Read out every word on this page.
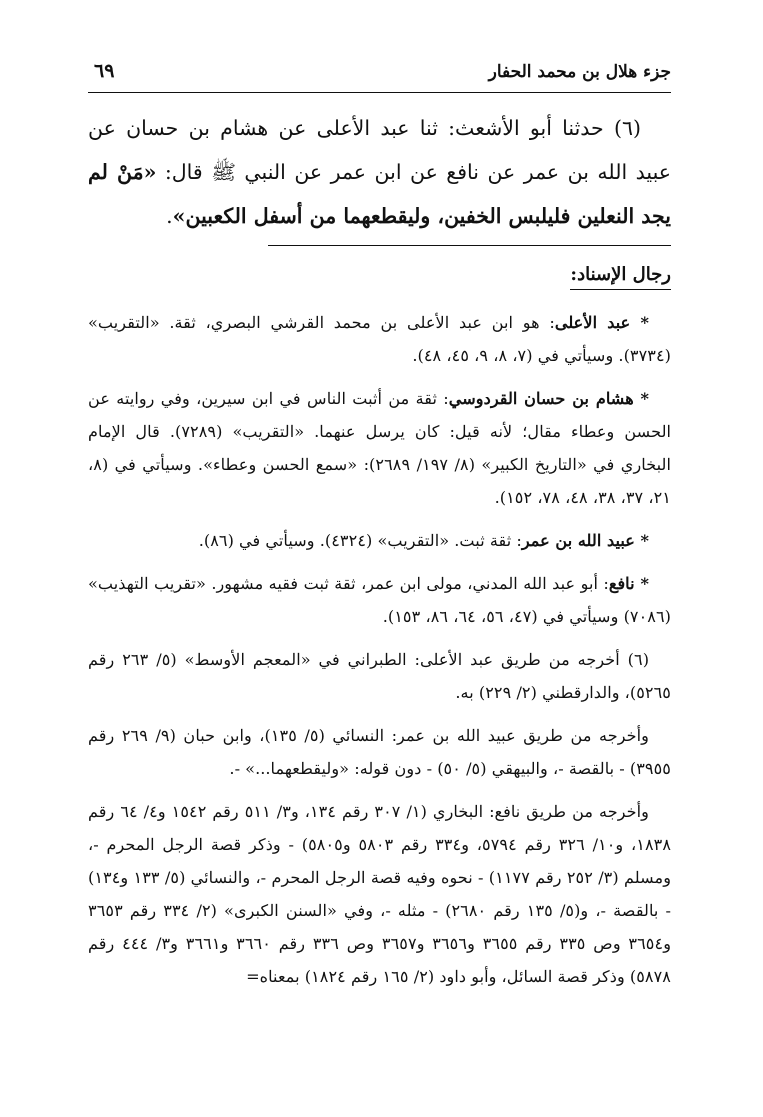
جزء هلال بن محمد الحفار
٦٩

(٦) حدثنا أبو الأشعث: ثنا عبد الأعلى عن هشام بن حسان عن عبيد الله بن عمر عن نافع عن ابن عمر عن النبي ﷺ قال: «مَنْ لم يجد النعلين فليلبس الخفين، وليقطعهما من أسفل الكعبين».

رجال الإسناد:

* عبد الأعلى: هو ابن عبد الأعلى بن محمد القرشي البصري، ثقة. «التقريب» (٣٧٣٤). وسيأتي في (٧، ٨، ٩، ٤٥، ٤٨).

* هشام بن حسان القردوسي: ثقة من أثبت الناس في ابن سيرين، وفي روايته عن الحسن وعطاء مقال؛ لأنه قيل: كان يرسل عنهما. «التقريب» (٧٢٨٩). قال الإمام البخاري في «التاريخ الكبير» (٨/ ١٩٧/ ٢٦٨٩): «سمع الحسن وعطاء». وسيأتي في (٨، ٢١، ٣٧، ٣٨، ٤٨، ٧٨، ١٥٢).

* عبيد الله بن عمر: ثقة ثبت. «التقريب» (٤٣٢٤). وسيأتي في (٨٦).

* نافع: أبو عبد الله المدني، مولى ابن عمر، ثقة ثبت فقيه مشهور. «تقريب التهذيب» (٧٠٨٦) وسيأتي في (٤٧، ٥٦، ٦٤، ٨٦، ١٥٣).

(٦) أخرجه من طريق عبد الأعلى: الطبراني في «المعجم الأوسط» (٥/ ٢٦٣ رقم ٥٢٦٥)، والدارقطني (٢/ ٢٢٩) به.

وأخرجه من طريق عبيد الله بن عمر: النسائي (٥/ ١٣٥)، وابن حبان (٩/ ٢٦٩ رقم ٣٩٥٥) - بالقصة -، والبيهقي (٥/ ٥٠) - دون قوله: «وليقطعهما...» -.

وأخرجه من طريق نافع: البخاري (١/ ٣٠٧ رقم ١٣٤، و٣/ ٥١١ رقم ١٥٤٢ و٤/ ٦٤ رقم ١٨٣٨، و١٠/ ٣٢٦ رقم ٥٧٩٤، و٣٣٤ رقم ٥٨٠٣ و٥٨٠٥) - وذكر قصة الرجل المحرم -، ومسلم (٣/ ٢٥٢ رقم ١١٧٧) - نحوه وفيه قصة الرجل المحرم -، والنسائي (٥/ ١٣٣ و١٣٤) - بالقصة -، و(٥/ ١٣٥ رقم ٢٦٨٠) - مثله -، وفي «السنن الكبرى» (٢/ ٣٣٤ رقم ٣٦٥٣ و٣٦٥٤ وص ٣٣٥ رقم ٣٦٥٥ و٣٦٥٦ و٣٦٥٧ وص ٣٣٦ رقم ٣٦٦٠ و٣٦٦١ و٣/ ٤٤٤ رقم ٥٨٧٨) وذكر قصة السائل، وأبو داود (٢/ ١٦٥ رقم ١٨٢٤) بمعناه=
